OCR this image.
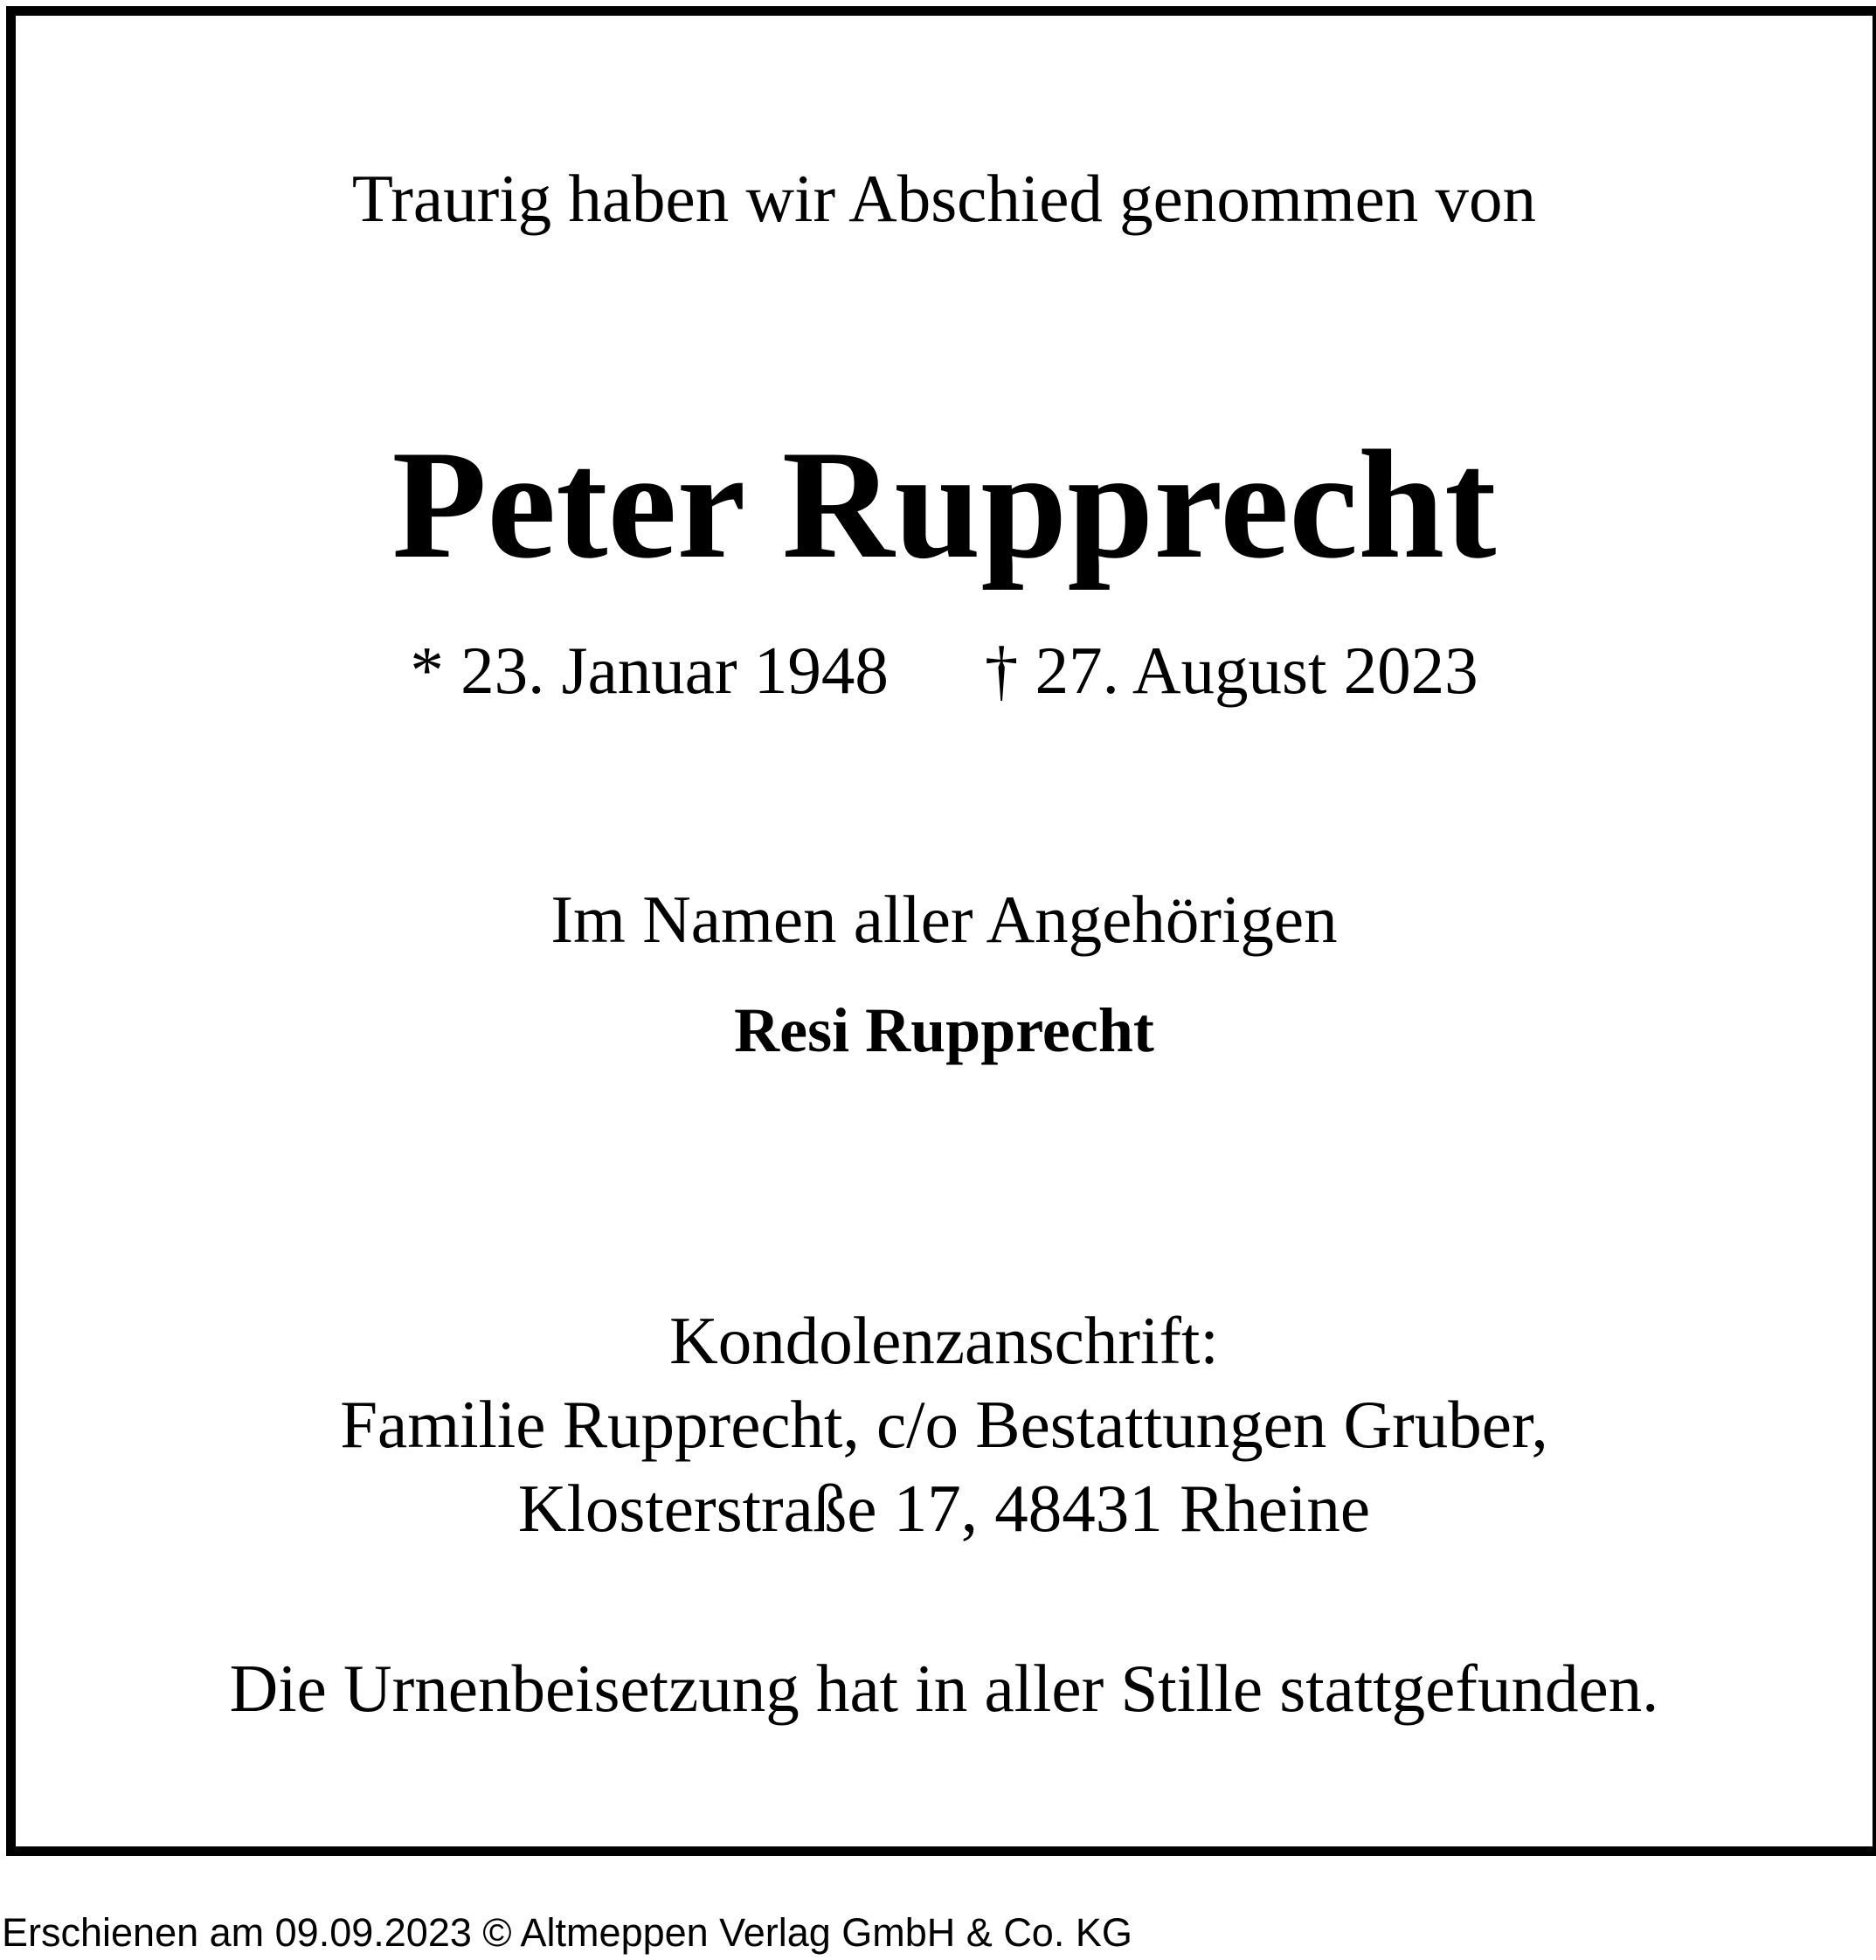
Traurig haben wir Abschied genommen von

Peter Rupprecht

* 23. Januar 1948 † 27. August 2023

Im Namen aller Angehörigen

Resi Rupprecht

Kondolenzanschrift:
Familie Rupprecht, c/o Bestattungen Gruber,
Klosterstraße 17, 48431 Rheine

Die Urnenbeisetzung hat in aller Stille stattgefunden.

Erschienen am 09.09.2023 © Altmeppen Verlag GmbH & Co. KG
